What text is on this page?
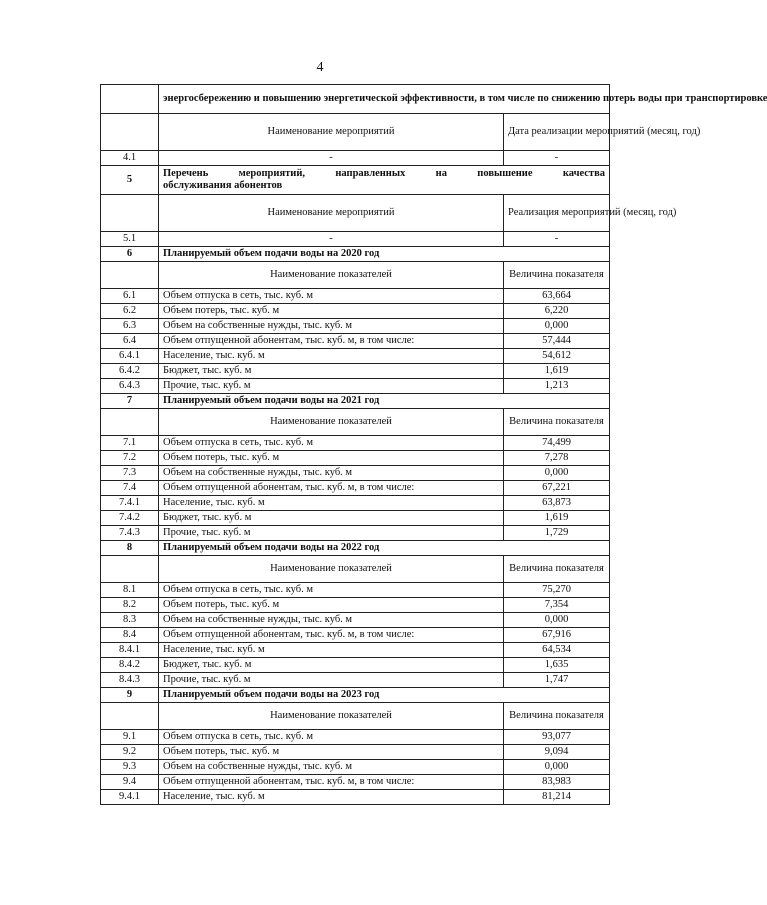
4
	энергосбережению и повышению энергетической эффективности, в том числе по снижению потерь воды при транспортировке	
	Наименование мероприятий	Дата реализации мероприятий (месяц, год)
4.1	-	-
5	Перечень мероприятий, направленных на повышение качества
обслуживания абонентов	

	Наименование мероприятий	Реализация мероприятий (месяц, год)
5.1	-	-
6	Планируемый объем подачи воды на 2020 год	
	Наименование показателей	Величина показателя
6.1	Объем отпуска в сеть, тыс. куб. м	63,664
6.2	Объем потерь, тыс. куб. м	6,220
6.3	Объем на собственные нужды, тыс. куб. м	0,000
6.4	Объем отпущенной абонентам, тыс. куб. м, в том числе:	57,444
6.4.1	Население, тыс. куб. м	54,612
6.4.2	Бюджет, тыс. куб. м	1,619
6.4.3	Прочие, тыс. куб. м	1,213
7	Планируемый объем подачи воды на 2021 год	
	Наименование показателей	Величина показателя
7.1	Объем отпуска в сеть, тыс. куб. м	74,499
7.2	Объем потерь, тыс. куб. м	7,278
7.3	Объем на собственные нужды, тыс. куб. м	0,000
7.4	Объем отпущенной абонентам, тыс. куб. м, в том числе:	67,221
7.4.1	Население, тыс. куб. м	63,873
7.4.2	Бюджет, тыс. куб. м	1,619
7.4.3	Прочие, тыс. куб. м	1,729
8	Планируемый объем подачи воды на 2022 год	
	Наименование показателей	Величина показателя
8.1	Объем отпуска в сеть, тыс. куб. м	75,270
8.2	Объем потерь, тыс. куб. м	7,354
8.3	Объем на собственные нужды, тыс. куб. м	0,000
8.4	Объем отпущенной абонентам, тыс. куб. м, в том числе:	67,916
8.4.1	Население, тыс. куб. м	64,534
8.4.2	Бюджет, тыс. куб. м	1,635
8.4.3	Прочие, тыс. куб. м	1,747
9	Планируемый объем подачи воды на 2023 год	
	Наименование показателей	Величина показателя
9.1	Объем отпуска в сеть, тыс. куб. м	93,077
9.2	Объем потерь, тыс. куб. м	9,094
9.3	Объем на собственные нужды, тыс. куб. м	0,000
9.4	Объем отпущенной абонентам, тыс. куб. м, в том числе:	83,983
9.4.1	Население, тыс. куб. м	81,214
